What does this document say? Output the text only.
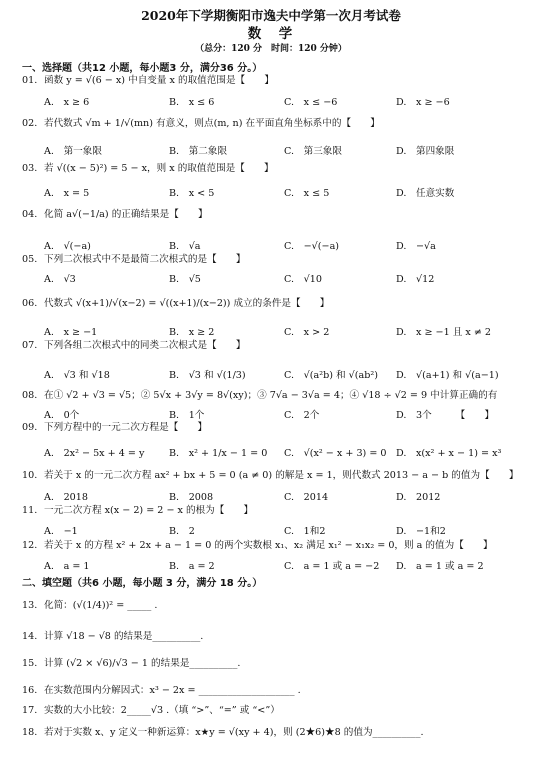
2020年下学期衡阳市逸夫中学第一次月考试卷
数　学
（总分：120 分　时间：120 分钟）
一、选择题（共12 小题，每小题3 分，满分36 分。）
01. 函数 y = √(6 − x) 中自变量 x 的取值范围是【　　】
A.　x ≥ 6	B.　x ≤ 6	C.　x ≤ −6	D.　x ≥ −6
02. 若代数式 √m + 1/√(mn) 有意义，则点(m, n) 在平面直角坐标系中的【　　】
A.　第一象限	B.　第二象限	C.　第三象限	D.　第四象限
03. 若 √((x − 5)²) = 5 − x，则 x 的取值范围是【　　】
A.　x = 5	B.　x < 5	C.　x ≤ 5	D.　任意实数
04. 化简 a√(−1/a) 的正确结果是【　　】
A.　√(−a)	B.　√a	C.　−√(−a)	D.　−√a
05. 下列二次根式中不是最简二次根式的是【　　】
A.　√3	B.　√5	C.　√10	D.　√12
06. 代数式 √(x+1)/√(x−2) = √((x+1)/(x−2)) 成立的条件是【　　】
A.　x ≥ −1	B.　x ≥ 2	C.　x > 2	D.　x ≥ −1 且 x ≠ 2
07. 下列各组二次根式中的同类二次根式是【　　】
A.　√3 和 √18	B.　√3 和 √(1/3)	C.　√(a²b) 和 √(ab²) D.　√(a+1) 和 √(a−1)
08. 在① √2 + √3 = √5；② 5√x + 3√y = 8√(xy)；③ 7√a − 3√a = 4；④ √18 ÷ √2 = 9 中计算正确的有
A.　0个	B.　1个	C.　2个	D.　3个　　　【　　】
09. 下列方程中的一元二次方程是【　　】
A.　2x² − 5x + 4 = y	B.　x² + 1/x − 1 = 0 C.　√(x² − x + 3) = 0 D.　x(x² + x − 1) = x³
10. 若关于 x 的一元二次方程 ax² + bx + 5 = 0 (a ≠ 0) 的解是 x = 1，则代数式 2013 − a − b 的值为【　　】
A.　2018	B.　2008	C.　2014	D.　2012
11. 一元二次方程 x(x − 2) = 2 − x 的根为【　　】
A.　−1	B.　2	C.　1和2	D.　−1和2
12. 若关于 x 的方程 x² + 2x + a − 1 = 0 的两个实数根 x₁、x₂ 满足 x₁² − x₁x₂ = 0，则 a 的值为【　　】
A.　a = 1	B.　a = 2	C.　a = 1 或 a = −2 D.　a = 1 或 a = 2
二、填空题（共6 小题，每小题 3 分，满分 18 分。）
13. 化简：(√(1/4))² = _____ .
14. 计算 √18 − √8 的结果是__________.
15. 计算 (√2 × √6)/√3 − 1 的结果是__________.
16. 在实数范围内分解因式：x³ − 2x = ____________________ .
17. 实数的大小比较：2_____√3 .（填 “>”、“=” 或 “<”）
18. 若对于实数 x、y 定义一种新运算：x★y = √(xy + 4)，则 (2★6)★8 的值为__________.
